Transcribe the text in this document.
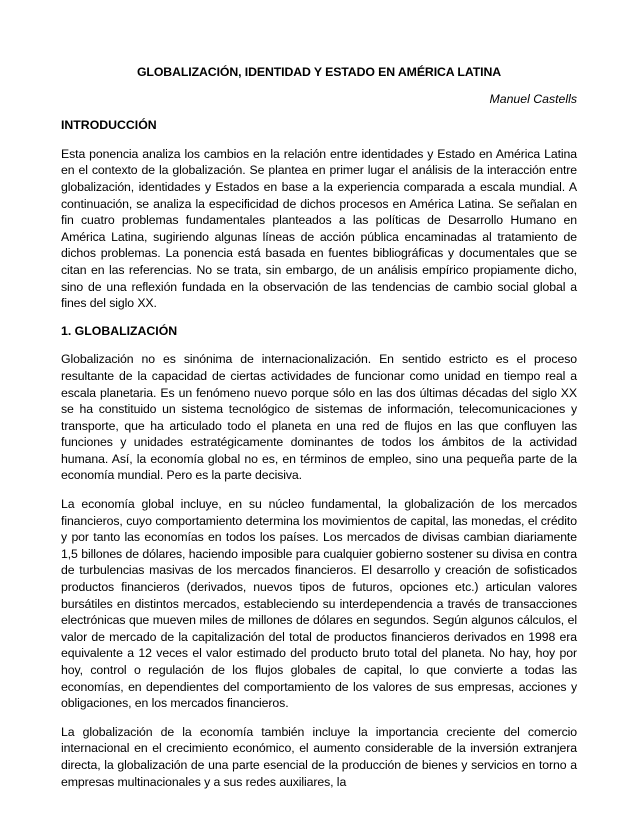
GLOBALIZACIÓN, IDENTIDAD Y ESTADO EN AMÉRICA LATINA

Manuel Castells

INTRODUCCIÓN

Esta ponencia analiza los cambios en la relación entre identidades y Estado en América Latina en el contexto de la globalización. Se plantea en primer lugar el análisis de la interacción entre globalización, identidades y Estados en base a la experiencia comparada a escala mundial. A continuación, se analiza la especificidad de dichos procesos en América Latina. Se señalan en fin cuatro problemas fundamentales planteados a las políticas de Desarrollo Humano en América Latina, sugiriendo algunas líneas de acción pública encaminadas al tratamiento de dichos problemas. La ponencia está basada en fuentes bibliográficas y documentales que se citan en las referencias. No se trata, sin embargo, de un análisis empírico propiamente dicho, sino de una reflexión fundada en la observación de las tendencias de cambio social global a fines del siglo XX.

1. GLOBALIZACIÓN

Globalización no es sinónima de internacionalización. En sentido estricto es el proceso resultante de la capacidad de ciertas actividades de funcionar como unidad en tiempo real a escala planetaria. Es un fenómeno nuevo porque sólo en las dos últimas décadas del siglo XX se ha constituido un sistema tecnológico de sistemas de información, telecomunicaciones y transporte, que ha articulado todo el planeta en una red de flujos en las que confluyen las funciones y unidades estratégicamente dominantes de todos los ámbitos de la actividad humana. Así, la economía global no es, en términos de empleo, sino una pequeña parte de la economía mundial. Pero es la parte decisiva.

La economía global incluye, en su núcleo fundamental, la globalización de los mercados financieros, cuyo comportamiento determina los movimientos de capital, las monedas, el crédito y por tanto las economías en todos los países. Los mercados de divisas cambian diariamente 1,5 billones de dólares, haciendo imposible para cualquier gobierno sostener su divisa en contra de turbulencias masivas de los mercados financieros. El desarrollo y creación de sofisticados productos financieros (derivados, nuevos tipos de futuros, opciones etc.) articulan valores bursátiles en distintos mercados, estableciendo su interdependencia a través de transacciones electrónicas que mueven miles de millones de dólares en segundos. Según algunos cálculos, el valor de mercado de la capitalización del total de productos financieros derivados en 1998 era equivalente a 12 veces el valor estimado del producto bruto total del planeta. No hay, hoy por hoy, control o regulación de los flujos globales de capital, lo que convierte a todas las economías, en dependientes del comportamiento de los valores de sus empresas, acciones y obligaciones, en los mercados financieros.

La globalización de la economía también incluye la importancia creciente del comercio internacional en el crecimiento económico, el aumento considerable de la inversión extranjera directa, la globalización de una parte esencial de la producción de bienes y servicios en torno a empresas multinacionales y a sus redes auxiliares, la
